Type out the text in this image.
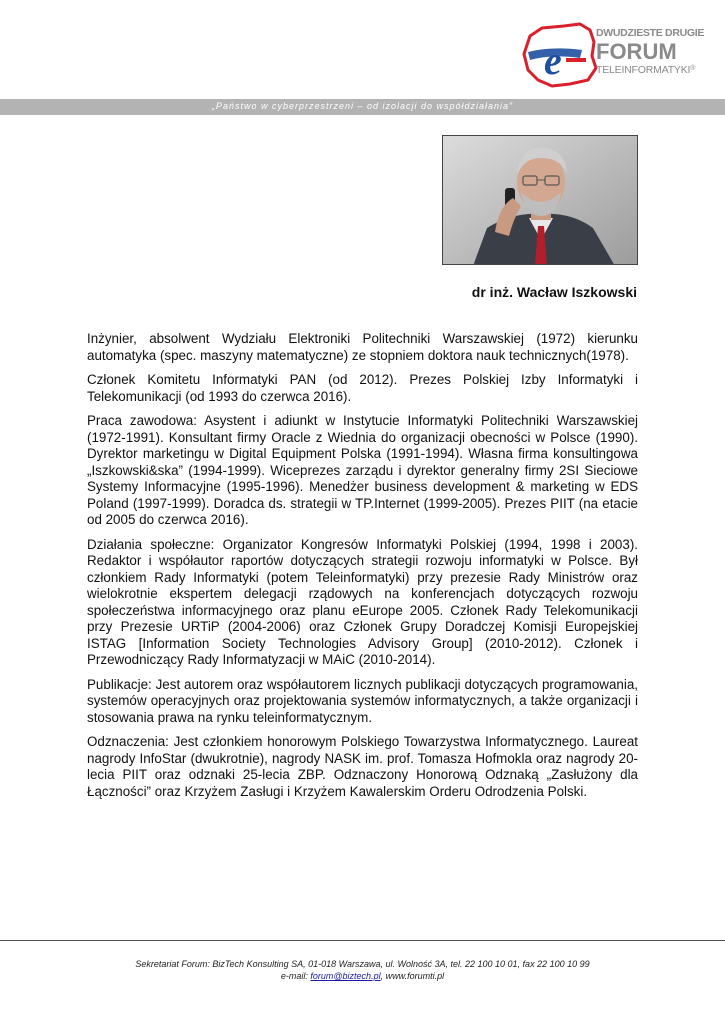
e
DWUDZIESTE DRUGIE
FORUM
TELEINFORMATYKI®
„Państwo w cyberprzestrzeni – od izolacji do współdziałania”
dr inż. Wacław Iszkowski

Inżynier, absolwent Wydziału Elektroniki Politechniki Warszawskiej (1972) kierunku automatyka (spec. maszyny matematyczne) ze stopniem doktora nauk technicznych(1978).

Członek Komitetu Informatyki PAN (od 2012). Prezes Polskiej Izby Informatyki i Telekomunikacji (od 1993 do czerwca 2016).

Praca zawodowa: Asystent i adiunkt w Instytucie Informatyki Politechniki Warszawskiej (1972-1991). Konsultant firmy Oracle z Wiednia do organizacji obecności w Polsce (1990). Dyrektor marketingu w Digital Equipment Polska (1991-1994). Własna firma konsultingowa „Iszkowski&ska” (1994-1999). Wiceprezes zarządu i dyrektor generalny firmy 2SI Sieciowe Systemy Informacyjne (1995-1996). Menedżer business development & marketing w EDS Poland (1997-1999). Doradca ds. strategii w TP.Internet (1999-2005). Prezes PIIT (na etacie od 2005 do czerwca 2016).

Działania społeczne: Organizator Kongresów Informatyki Polskiej (1994, 1998 i 2003). Redaktor i współautor raportów dotyczących strategii rozwoju informatyki w Polsce. Był członkiem Rady Informatyki (potem Teleinformatyki) przy prezesie Rady Ministrów oraz wielokrotnie ekspertem delegacji rządowych na konferencjach dotyczących rozwoju społeczeństwa informacyjnego oraz planu eEurope 2005. Członek Rady Telekomunikacji przy Prezesie URTiP (2004-2006) oraz Członek Grupy Doradczej Komisji Europejskiej ISTAG [Information Society Technologies Advisory Group] (2010-2012). Członek i Przewodniczący Rady Informatyzacji w MAiC (2010-2014).

Publikacje: Jest autorem oraz współautorem licznych publikacji dotyczących programowania, systemów operacyjnych oraz projektowania systemów informatycznych, a także organizacji i stosowania prawa na rynku teleinformatycznym.

Odznaczenia: Jest członkiem honorowym Polskiego Towarzystwa Informatycznego. Laureat nagrody InfoStar (dwukrotnie), nagrody NASK im. prof. Tomasza Hofmokla oraz nagrody 20-lecia PIIT oraz odznaki 25-lecia ZBP. Odznaczony Honorową Odznaką „Zasłużony dla Łączności” oraz Krzyżem Zasługi i Krzyżem Kawalerskim Orderu Odrodzenia Polski.

Sekretariat Forum: BizTech Konsulting SA, 01-018 Warszawa, ul. Wolność 3A, tel. 22 100 10 01, fax 22 100 10 99
e-mail: forum@biztech.pl, www.forumti.pl
